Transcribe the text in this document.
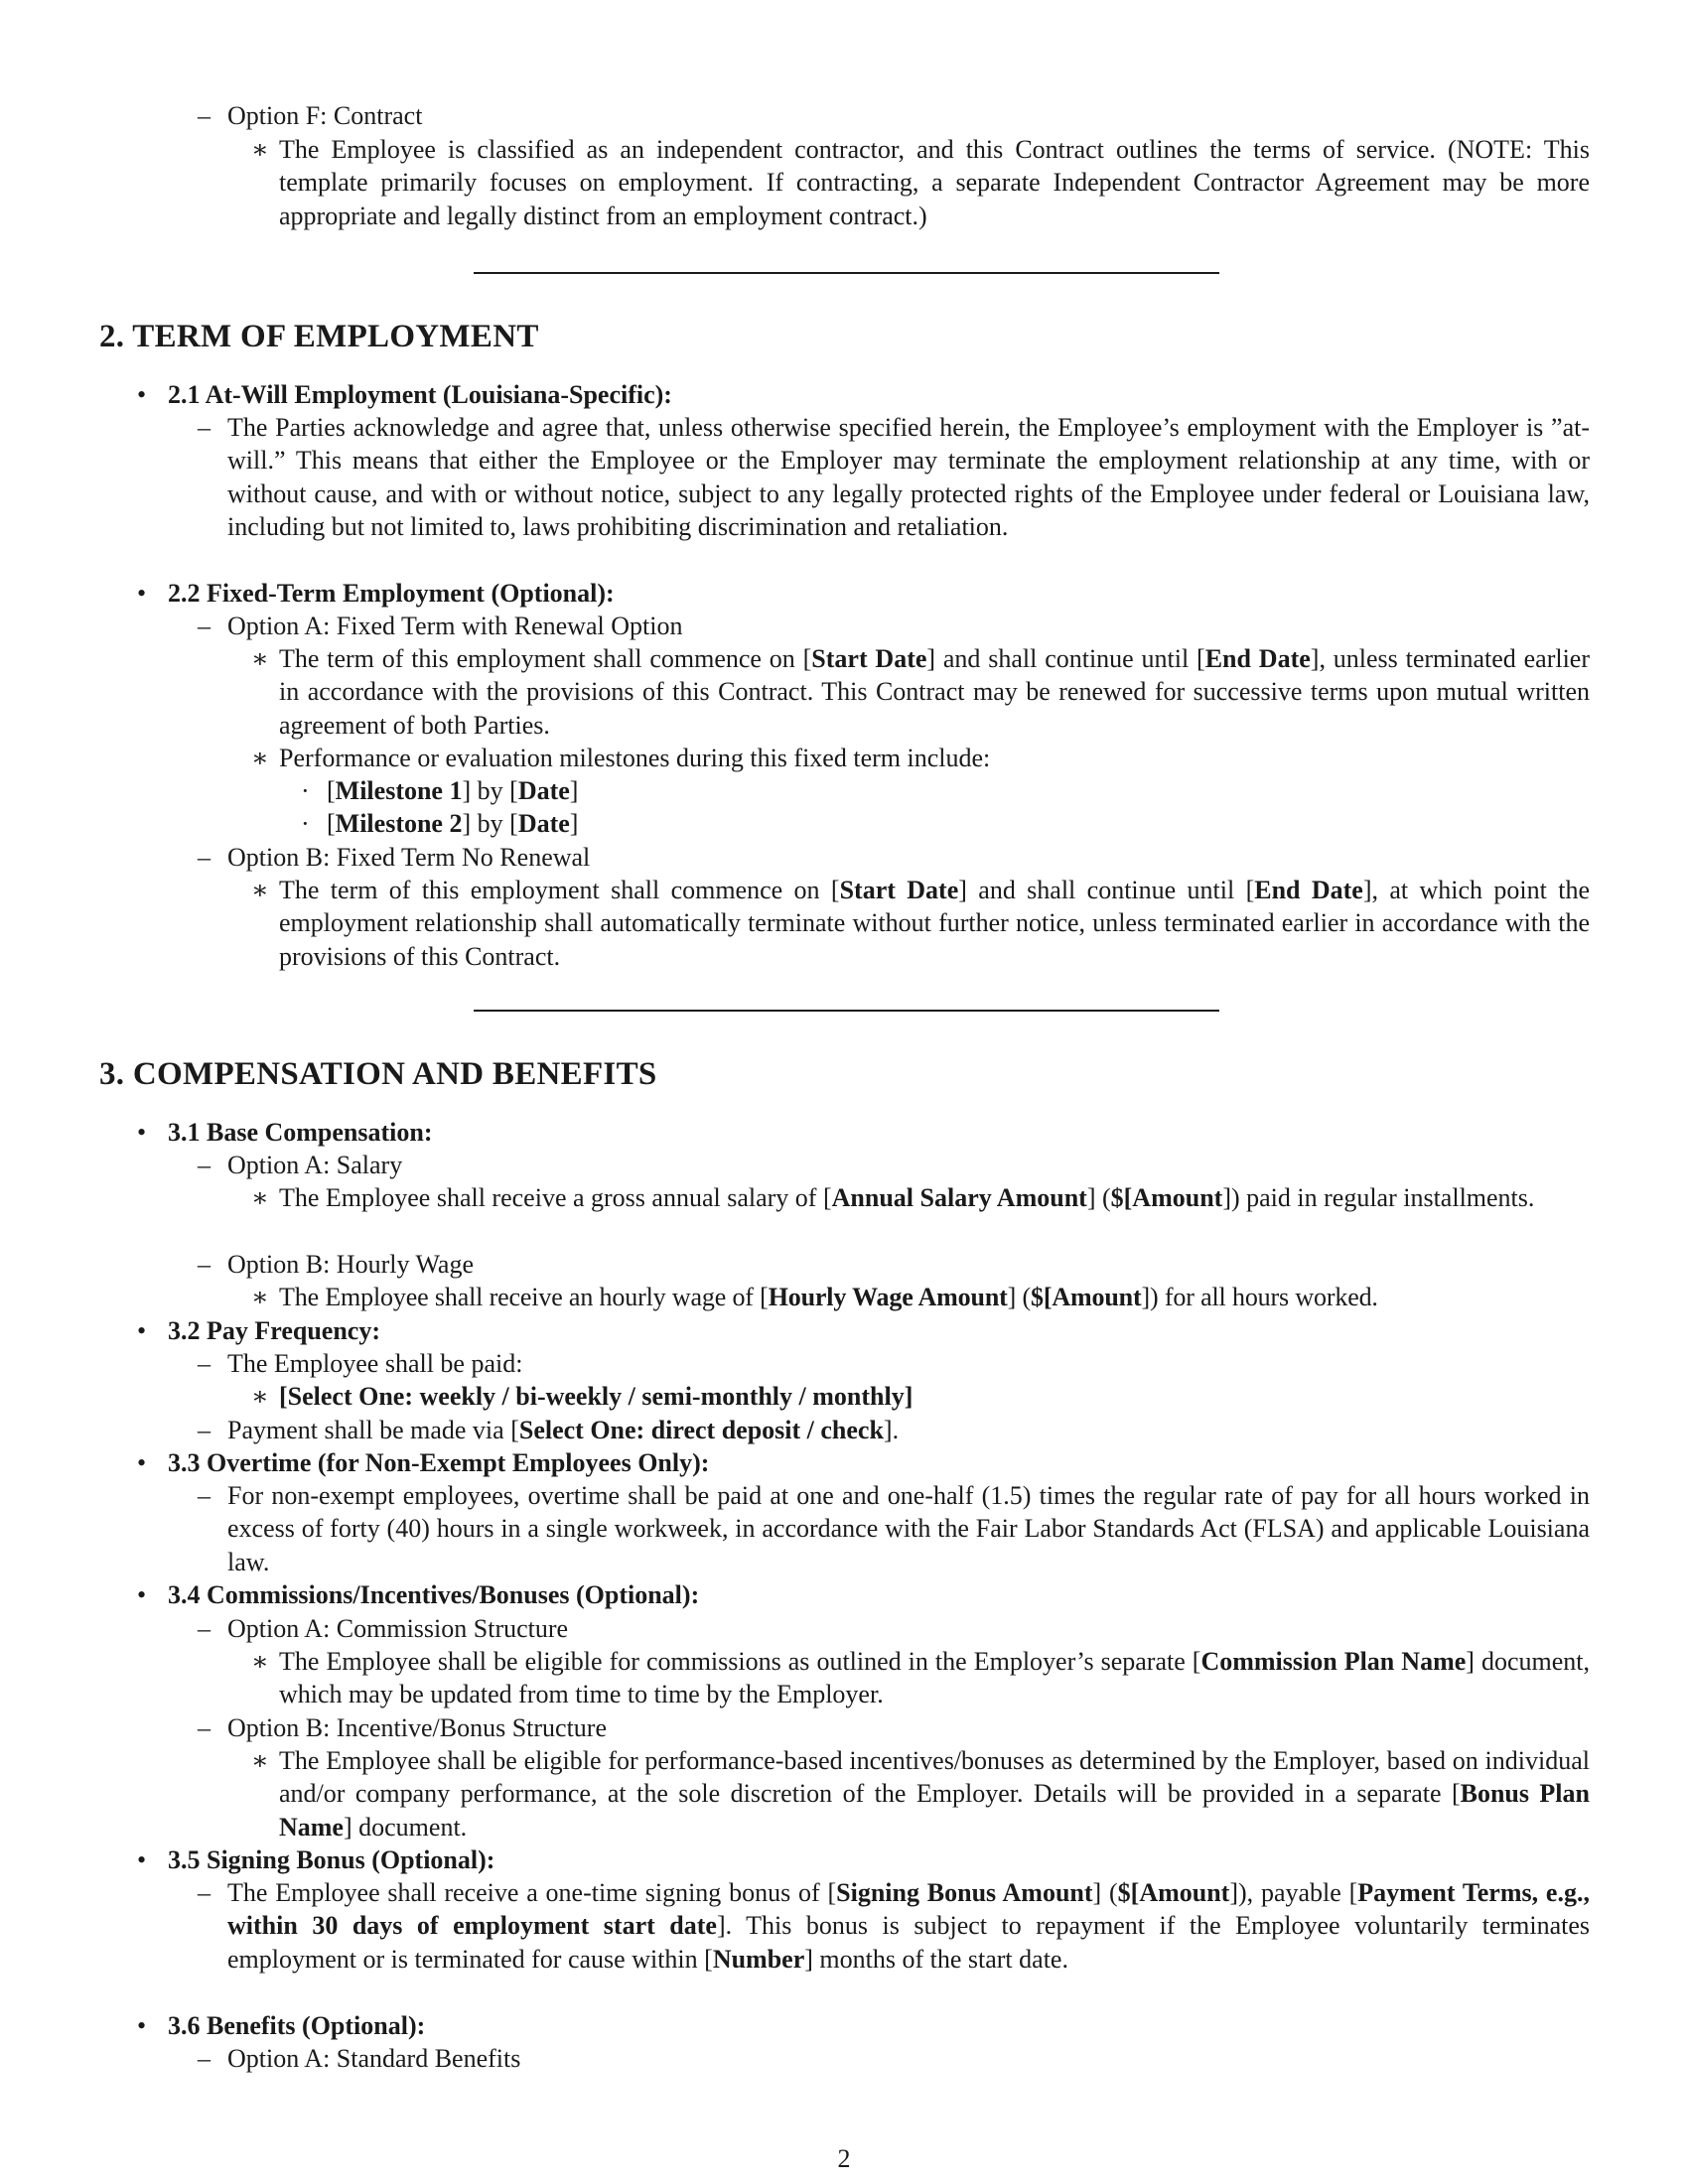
– Option F: Contract

∗ The Employee is classified as an independent contractor, and this Contract outlines the terms of service. (NOTE: This template primarily focuses on employment. If contracting, a separate Independent Contractor Agreement may be more appropriate and legally distinct from an employment contract.)

2. TERM OF EMPLOYMENT
• 2.1 At-Will Employment (Louisiana-Specific):

– The Parties acknowledge and agree that, unless otherwise specified herein, the Employee’s employment with the Employer is ”at-will.” This means that either the Employee or the Employer may terminate the employment relationship at any time, with or without cause, and with or without notice, subject to any legally protected rights of the Employee under federal or Louisiana law, including but not limited to, laws prohibiting discrimination and retaliation.

• 2.2 Fixed-Term Employment (Optional):

– Option A: Fixed Term with Renewal Option

∗ The term of this employment shall commence on [Start Date] and shall continue until [End Date], unless terminated earlier in accordance with the provisions of this Contract. This Contract may be renewed for successive terms upon mutual written agreement of both Parties.

∗ Performance or evaluation milestones during this fixed term include:

· [Milestone 1] by [Date]

· [Milestone 2] by [Date]

– Option B: Fixed Term No Renewal

∗ The term of this employment shall commence on [Start Date] and shall continue until [End Date], at which point the employment relationship shall automatically terminate without further notice, unless terminated earlier in accordance with the provisions of this Contract.

3. COMPENSATION AND BENEFITS
• 3.1 Base Compensation:

– Option A: Salary

∗ The Employee shall receive a gross annual salary of [Annual Salary Amount] ($[Amount]) paid in regular installments.

– Option B: Hourly Wage

∗ The Employee shall receive an hourly wage of [Hourly Wage Amount] ($[Amount]) for all hours worked.

• 3.2 Pay Frequency:

– The Employee shall be paid:

∗ [Select One: weekly / bi-weekly / semi-monthly / monthly]

– Payment shall be made via [Select One: direct deposit / check].

• 3.3 Overtime (for Non-Exempt Employees Only):

– For non-exempt employees, overtime shall be paid at one and one-half (1.5) times the regular rate of pay for all hours worked in excess of forty (40) hours in a single workweek, in accordance with the Fair Labor Standards Act (FLSA) and applicable Louisiana law.

• 3.4 Commissions/Incentives/Bonuses (Optional):

– Option A: Commission Structure

∗ The Employee shall be eligible for commissions as outlined in the Employer’s separate [Commission Plan Name] document, which may be updated from time to time by the Employer.

– Option B: Incentive/Bonus Structure

∗ The Employee shall be eligible for performance-based incentives/bonuses as determined by the Employer, based on individual and/or company performance, at the sole discretion of the Employer. Details will be provided in a separate [Bonus Plan Name] document.

• 3.5 Signing Bonus (Optional):

– The Employee shall receive a one-time signing bonus of [Signing Bonus Amount] ($[Amount]), payable [Payment Terms, e.g., within 30 days of employment start date]. This bonus is subject to repayment if the Employee voluntarily terminates employment or is terminated for cause within [Number] months of the start date.

• 3.6 Benefits (Optional):

– Option A: Standard Benefits

2
